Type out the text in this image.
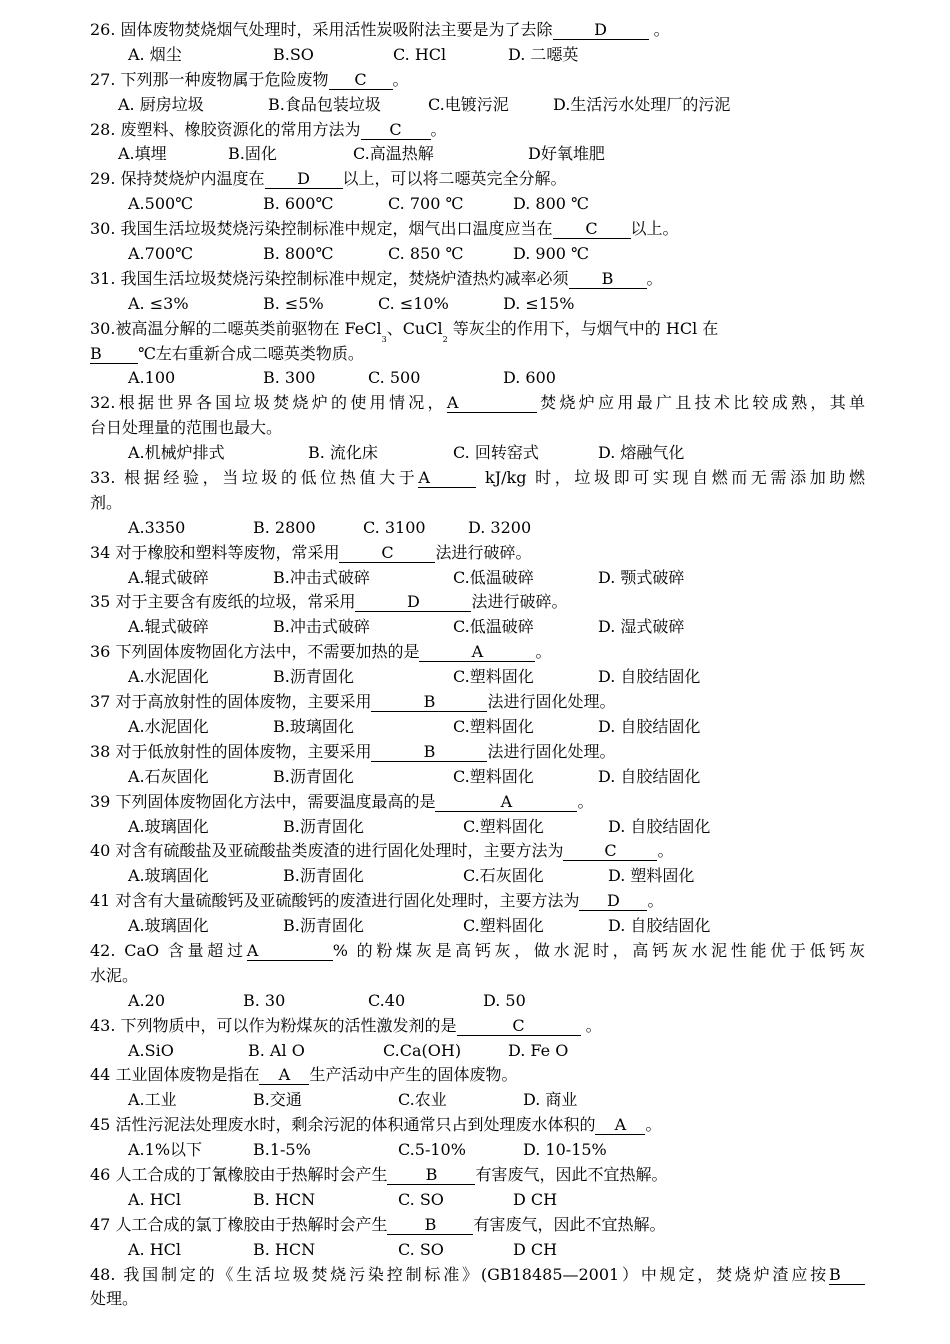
26. 固体废物焚烧烟气处理时，采用活性炭吸附法主要是为了去除	D	。
A. 烟尘	B.SO	C. HCl	D. 二噁英
27. 下列那一种废物属于危险废物 C 。
A. 厨房垃圾	B.食品包装垃圾	C.电镀污泥	D.生活污水处理厂的污泥
28. 废塑料、橡胶资源化的常用方法为 C 。
A.填埋	B.固化	C.高温热解	D好氧堆肥
29. 保持焚烧炉内温度在 D 以上，可以将二噁英完全分解。
A.500℃	B. 600℃	C. 700 ℃	D. 800 ℃
30. 我国生活垃圾焚烧污染控制标准中规定，烟气出口温度应当在 C 以上。
A.700℃	B. 800℃	C. 850 ℃	D. 900 ℃
31. 我国生活垃圾焚烧污染控制标准中规定，焚烧炉渣热灼减率必须 B 。
A. ≤3%	B. ≤5%	C. ≤10%	D. ≤15%
30.被高温分解的二噁英类前驱物在 FeCl$_3$、CuCl$_2$ 等灰尘的作用下，与烟气中的 HCl 在
B ℃左右重新合成二噁英类物质。
A.100	B. 300	C. 500	D. 600
32.根据世界各国垃圾焚烧炉的使用情况，A	焚烧炉应用最广且技术比较成熟，其单
台日处理量的范围也最大。
A.机械炉排式	B. 流化床	C. 回转窑式	D. 熔融气化
33. 根据经验，当垃圾的低位热值大于A	kJ/kg 时，垃圾即可实现自燃而无需添加助燃
剂。
A.3350	B. 2800	C. 3100	D. 3200
34 对于橡胶和塑料等废物，常采用	C	法进行破碎。
A.辊式破碎	B.冲击式破碎	C.低温破碎	D. 颚式破碎
35 对于主要含有废纸的垃圾，常采用	D	法进行破碎。
A.辊式破碎	B.冲击式破碎	C.低温破碎	D. 湿式破碎
36 下列固体废物固化方法中，不需要加热的是	A	。
A.水泥固化	B.沥青固化	C.塑料固化	D. 自胶结固化
37 对于高放射性的固体废物，主要采用	B	法进行固化处理。
A.水泥固化	B.玻璃固化	C.塑料固化	D. 自胶结固化
38 对于低放射性的固体废物，主要采用	B	法进行固化处理。
A.石灰固化	B.沥青固化	C.塑料固化	D. 自胶结固化
39 下列固体废物固化方法中，需要温度最高的是	A	。
A.玻璃固化	B.沥青固化	C.塑料固化	D. 自胶结固化
40 对含有硫酸盐及亚硫酸盐类废渣的进行固化处理时，主要方法为	C	。
A.玻璃固化	B.沥青固化	C.石灰固化	D. 塑料固化
41 对含有大量硫酸钙及亚硫酸钙的废渣进行固化处理时，主要方法为 D 。
A.玻璃固化	B.沥青固化	C.塑料固化	D. 自胶结固化
42. CaO 含量超过A	% 的粉煤灰是高钙灰，做水泥时，高钙灰水泥性能优于低钙灰
水泥。
A.20	B. 30	C.40	D. 50
43. 下列物质中，可以作为粉煤灰的活性激发剂的是	C	。
A.SiO	B. Al O	C.Ca(OH)	D. Fe O
44 工业固体废物是指在 A 生产活动中产生的固体废物。
A.工业	B.交通	C.农业	D. 商业
45 活性污泥法处理废水时，剩余污泥的体积通常只占到处理废水体积的 A 。
A.1%以下	B.1-5%	C.5-10%	D. 10-15%
46 人工合成的丁氰橡胶由于热解时会产生 B 有害废气，因此不宜热解。
A. HCl	B. HCN	C. SO	D CH
47 人工合成的氯丁橡胶由于热解时会产生 B 有害废气，因此不宜热解。
A. HCl	B. HCN	C. SO	D CH
48. 我国制定的《生活垃圾焚烧污染控制标准》(GB18485—2001）中规定，焚烧炉渣应按B
处理。
